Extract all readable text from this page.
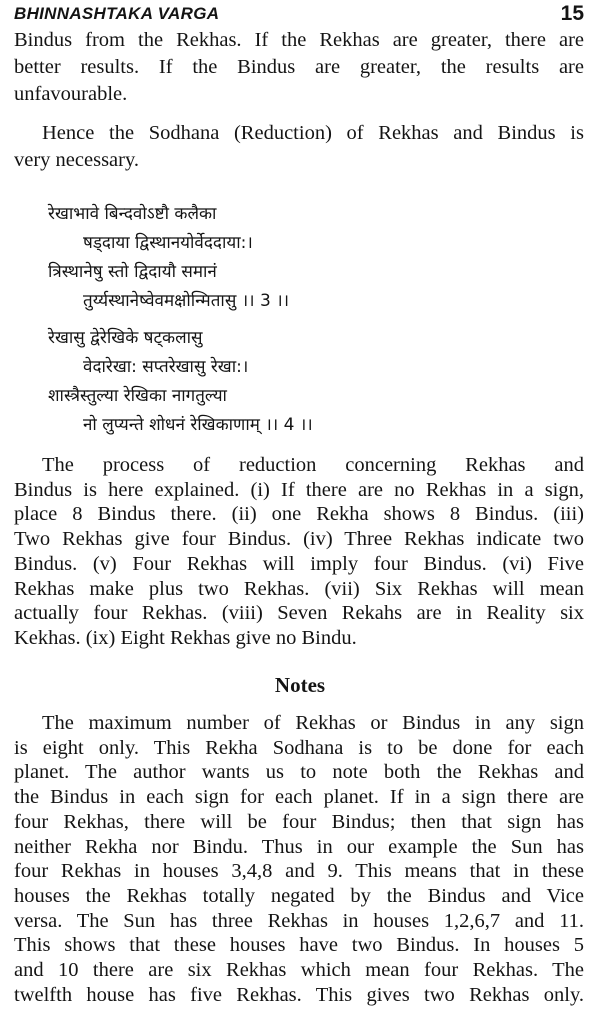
BHINNASHTAKA VARGA	15
Bindus from the Rekhas. If the Rekhas are greater, there are
better results. If the Bindus are greater, the results are
unfavourable.
Hence the Sodhana (Reduction) of Rekhas and Bindus is
very necessary.
रेखाभावे बिन्दवोऽष्टौ कलैका
षड्दाया द्विस्थानयोर्वेददाया:।
त्रिस्थानेषु स्तो द्विदायौ समानं
तुर्य्यस्थानेष्वेवमक्षोन्मितासु ।। 3 ।।
रेखासु द्वेरेखिके षट्कलासु
वेदारेखा: सप्तरेखासु रेखा:।
शास्त्रैस्तुल्या रेखिका नागतुल्या
नो लुप्यन्ते शोधनं रेखिकाणाम् ।। 4 ।।
The process of reduction concerning Rekhas and
Bindus is here explained. (i) If there are no Rekhas in a sign,
place 8 Bindus there. (ii) one Rekha shows 8 Bindus. (iii)
Two Rekhas give four Bindus. (iv) Three Rekhas indicate two
Bindus. (v) Four Rekhas will imply four Bindus. (vi) Five
Rekhas make plus two Rekhas. (vii) Six Rekhas will mean
actually four Rekhas. (viii) Seven Rekahs are in Reality six
Kekhas. (ix) Eight Rekhas give no Bindu.
Notes
The maximum number of Rekhas or Bindus in any sign
is eight only. This Rekha Sodhana is to be done for each
planet. The author wants us to note both the Rekhas and
the Bindus in each sign for each planet. If in a sign there are
four Rekhas, there will be four Bindus; then that sign has
neither Rekha nor Bindu. Thus in our example the Sun has
four Rekhas in houses 3,4,8 and 9. This means that in these
houses the Rekhas totally negated by the Bindus and Vice
versa. The Sun has three Rekhas in houses 1,2,6,7 and 11.
This shows that these houses have two Bindus. In houses 5
and 10 there are six Rekhas which mean four Rekhas. The
twelfth house has five Rekhas. This gives two Rekhas only.
